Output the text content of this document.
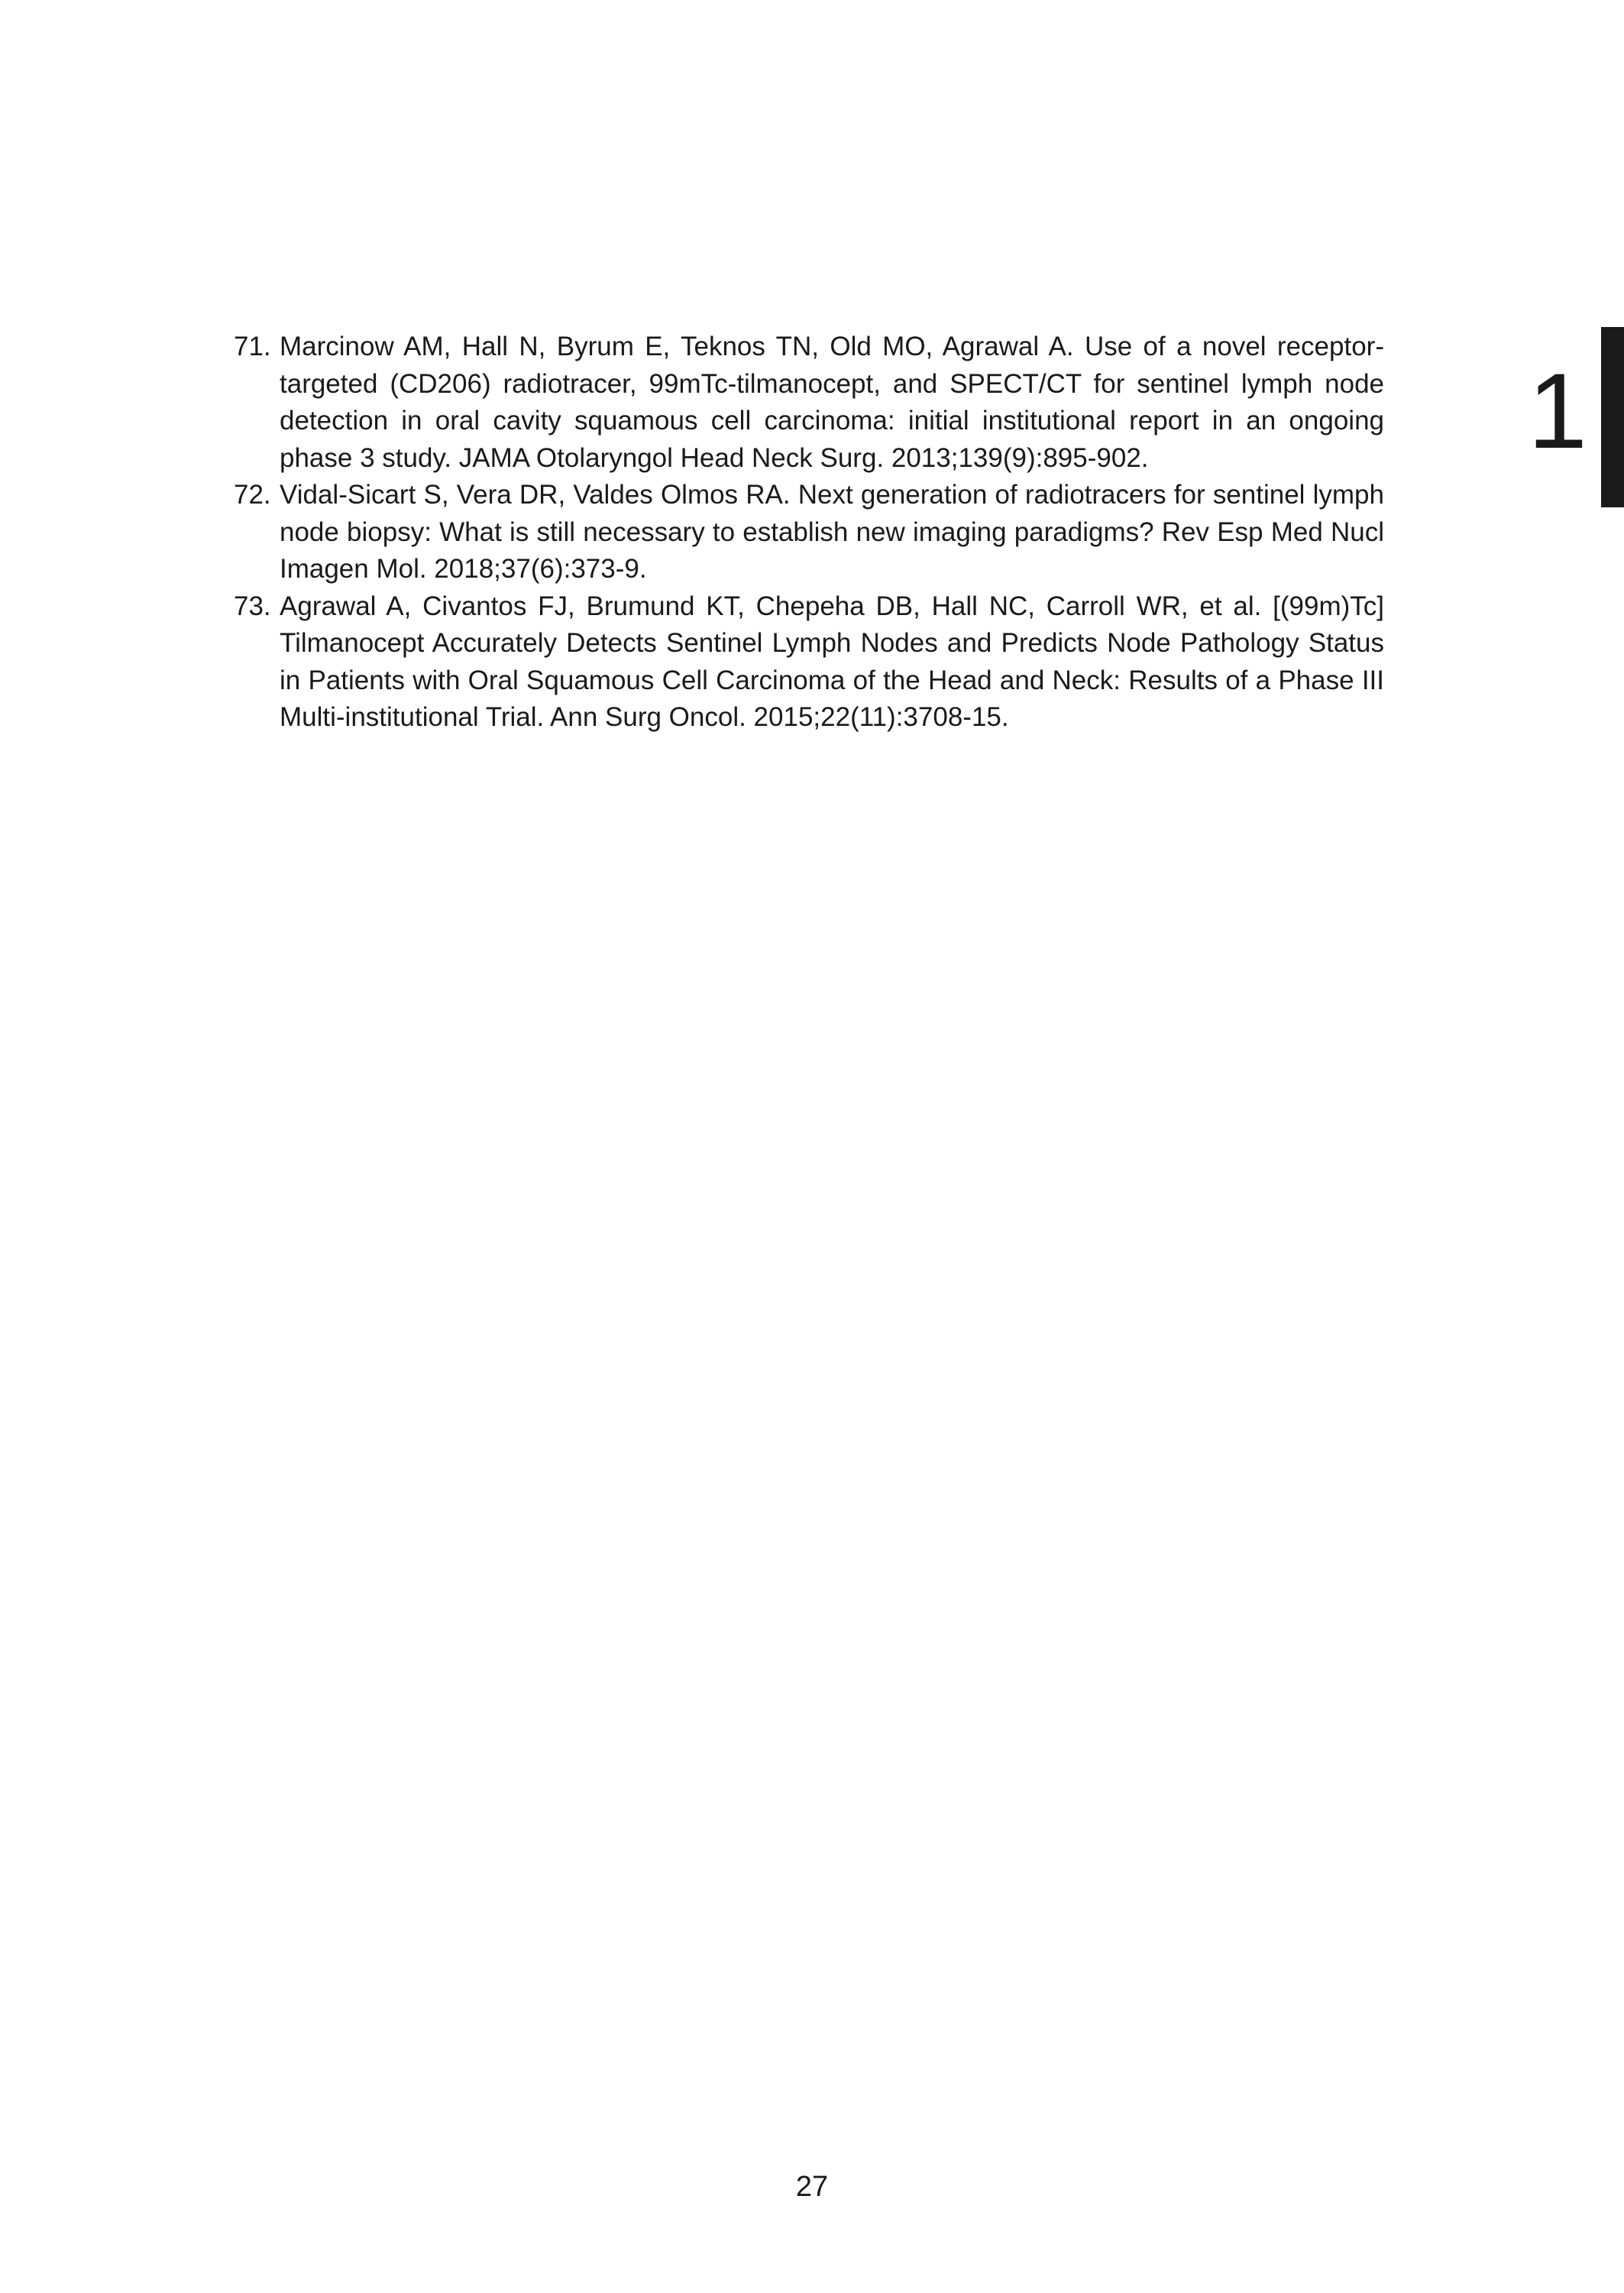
71. Marcinow AM, Hall N, Byrum E, Teknos TN, Old MO, Agrawal A. Use of a novel receptor-targeted (CD206) radiotracer, 99mTc-tilmanocept, and SPECT/CT for sentinel lymph node detection in oral cavity squamous cell carcinoma: initial institutional report in an ongoing phase 3 study. JAMA Otolaryngol Head Neck Surg. 2013;139(9):895-902.
72. Vidal-Sicart S, Vera DR, Valdes Olmos RA. Next generation of radiotracers for sentinel lymph node biopsy: What is still necessary to establish new imaging paradigms? Rev Esp Med Nucl Imagen Mol. 2018;37(6):373-9.
73. Agrawal A, Civantos FJ, Brumund KT, Chepeha DB, Hall NC, Carroll WR, et al. [(99m)Tc] Tilmanocept Accurately Detects Sentinel Lymph Nodes and Predicts Node Pathology Status in Patients with Oral Squamous Cell Carcinoma of the Head and Neck: Results of a Phase III Multi-institutional Trial. Ann Surg Oncol. 2015;22(11):3708-15.
1
27
